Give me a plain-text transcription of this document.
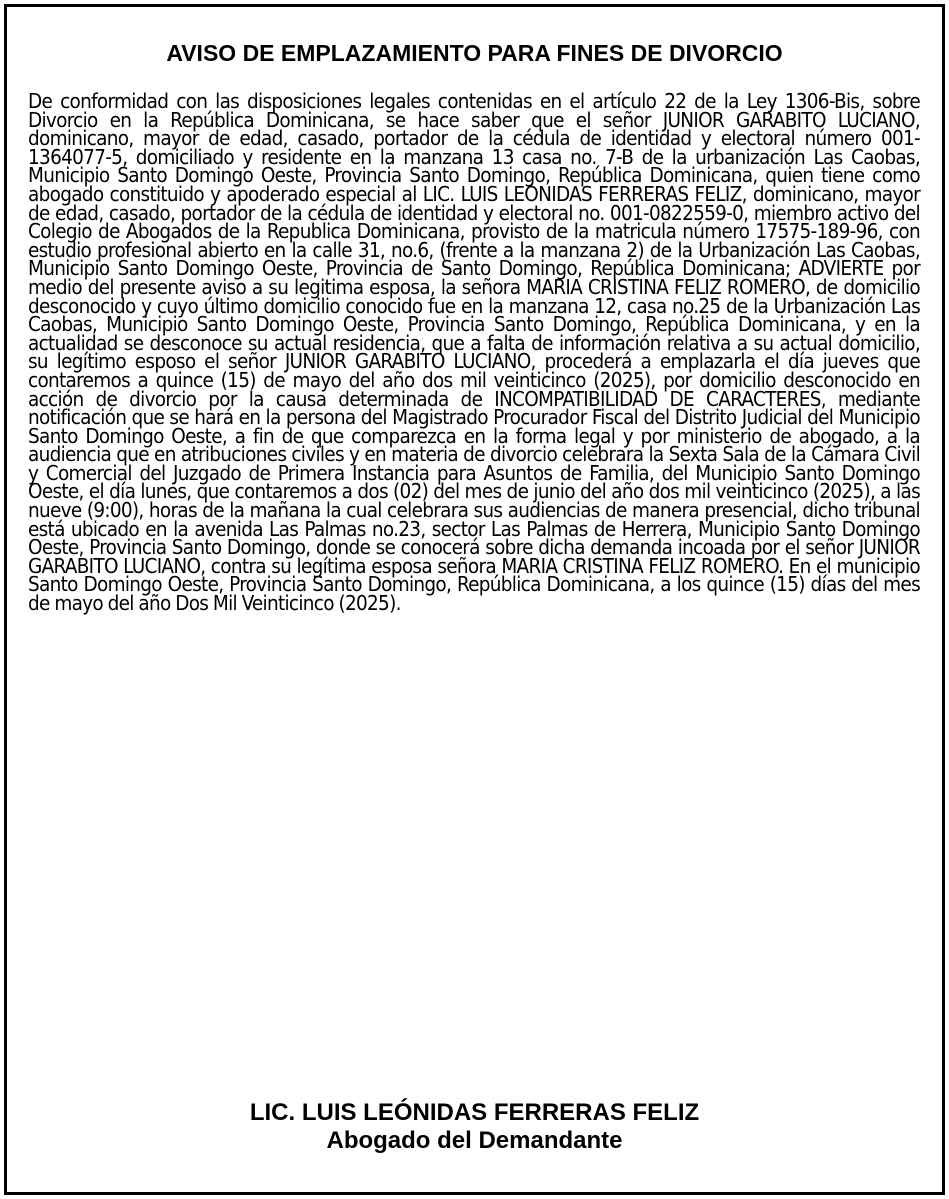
AVISO DE EMPLAZAMIENTO PARA FINES DE DIVORCIO
De conformidad con las disposiciones legales contenidas en el artículo 22 de la Ley 1306-Bis, sobre Divorcio en la República Dominicana, se hace saber que el señor JUNIOR GARABITO LUCIANO, dominicano, mayor de edad, casado, portador de la cédula de identidad y electoral número 001-1364077-5, domiciliado y residente en la manzana 13 casa no. 7-B de la urbanización Las Caobas, Municipio Santo Domingo Oeste, Provincia Santo Domingo, República Dominicana, quien tiene como abogado constituido y apoderado especial al LIC. LUIS LEONIDAS FERRERAS FELIZ, dominicano, mayor de edad, casado, portador de la cédula de identidad y electoral no. 001-0822559-0, miembro activo del Colegio de Abogados de la Republica Dominicana, provisto de la matricula número 17575-189-96, con estudio profesional abierto en la calle 31, no.6, (frente a la manzana 2) de la Urbanización Las Caobas, Municipio Santo Domingo Oeste, Provincia de Santo Domingo, República Dominicana; ADVIERTE por medio del presente aviso a su legitima esposa, la señora MARIA CRISTINA FELIZ ROMERO, de domicilio desconocido y cuyo último domicilio conocido fue en la manzana 12, casa no.25 de la Urbanización Las Caobas, Municipio Santo Domingo Oeste, Provincia Santo Domingo, República Dominicana, y en la actualidad se desconoce su actual residencia, que a falta de información relativa a su actual domicilio, su legítimo esposo el señor JUNIOR GARABITO LUCIANO, procederá a emplazarla el día jueves que contaremos a quince (15) de mayo del año dos mil veinticinco (2025), por domicilio desconocido en acción de divorcio por la causa determinada de INCOMPATIBILIDAD DE CARACTERES, mediante notificación que se hará en la persona del Magistrado Procurador Fiscal del Distrito Judicial del Municipio Santo Domingo Oeste, a fin de que comparezca en la forma legal y por ministerio de abogado, a la audiencia que en atribuciones civiles y en materia de divorcio celebrara la Sexta Sala de la Cámara Civil y Comercial del Juzgado de Primera Instancia para Asuntos de Familia, del Municipio Santo Domingo Oeste, el día lunes, que contaremos a dos (02) del mes de junio del año dos mil veinticinco (2025), a las nueve (9:00), horas de la mañana la cual celebrara sus audiencias de manera presencial, dicho tribunal está ubicado en la avenida Las Palmas no.23, sector Las Palmas de Herrera, Municipio Santo Domingo Oeste, Provincia Santo Domingo, donde se conocerá sobre dicha demanda incoada por el señor JUNIOR GARABITO LUCIANO, contra su legítima esposa señora MARIA CRISTINA FELIZ ROMERO. En el municipio Santo Domingo Oeste, Provincia Santo Domingo, República Dominicana, a los quince (15) días del mes de mayo del año Dos Mil Veinticinco (2025).
LIC. LUIS LEÓNIDAS FERRERAS FELIZ
Abogado del Demandante
